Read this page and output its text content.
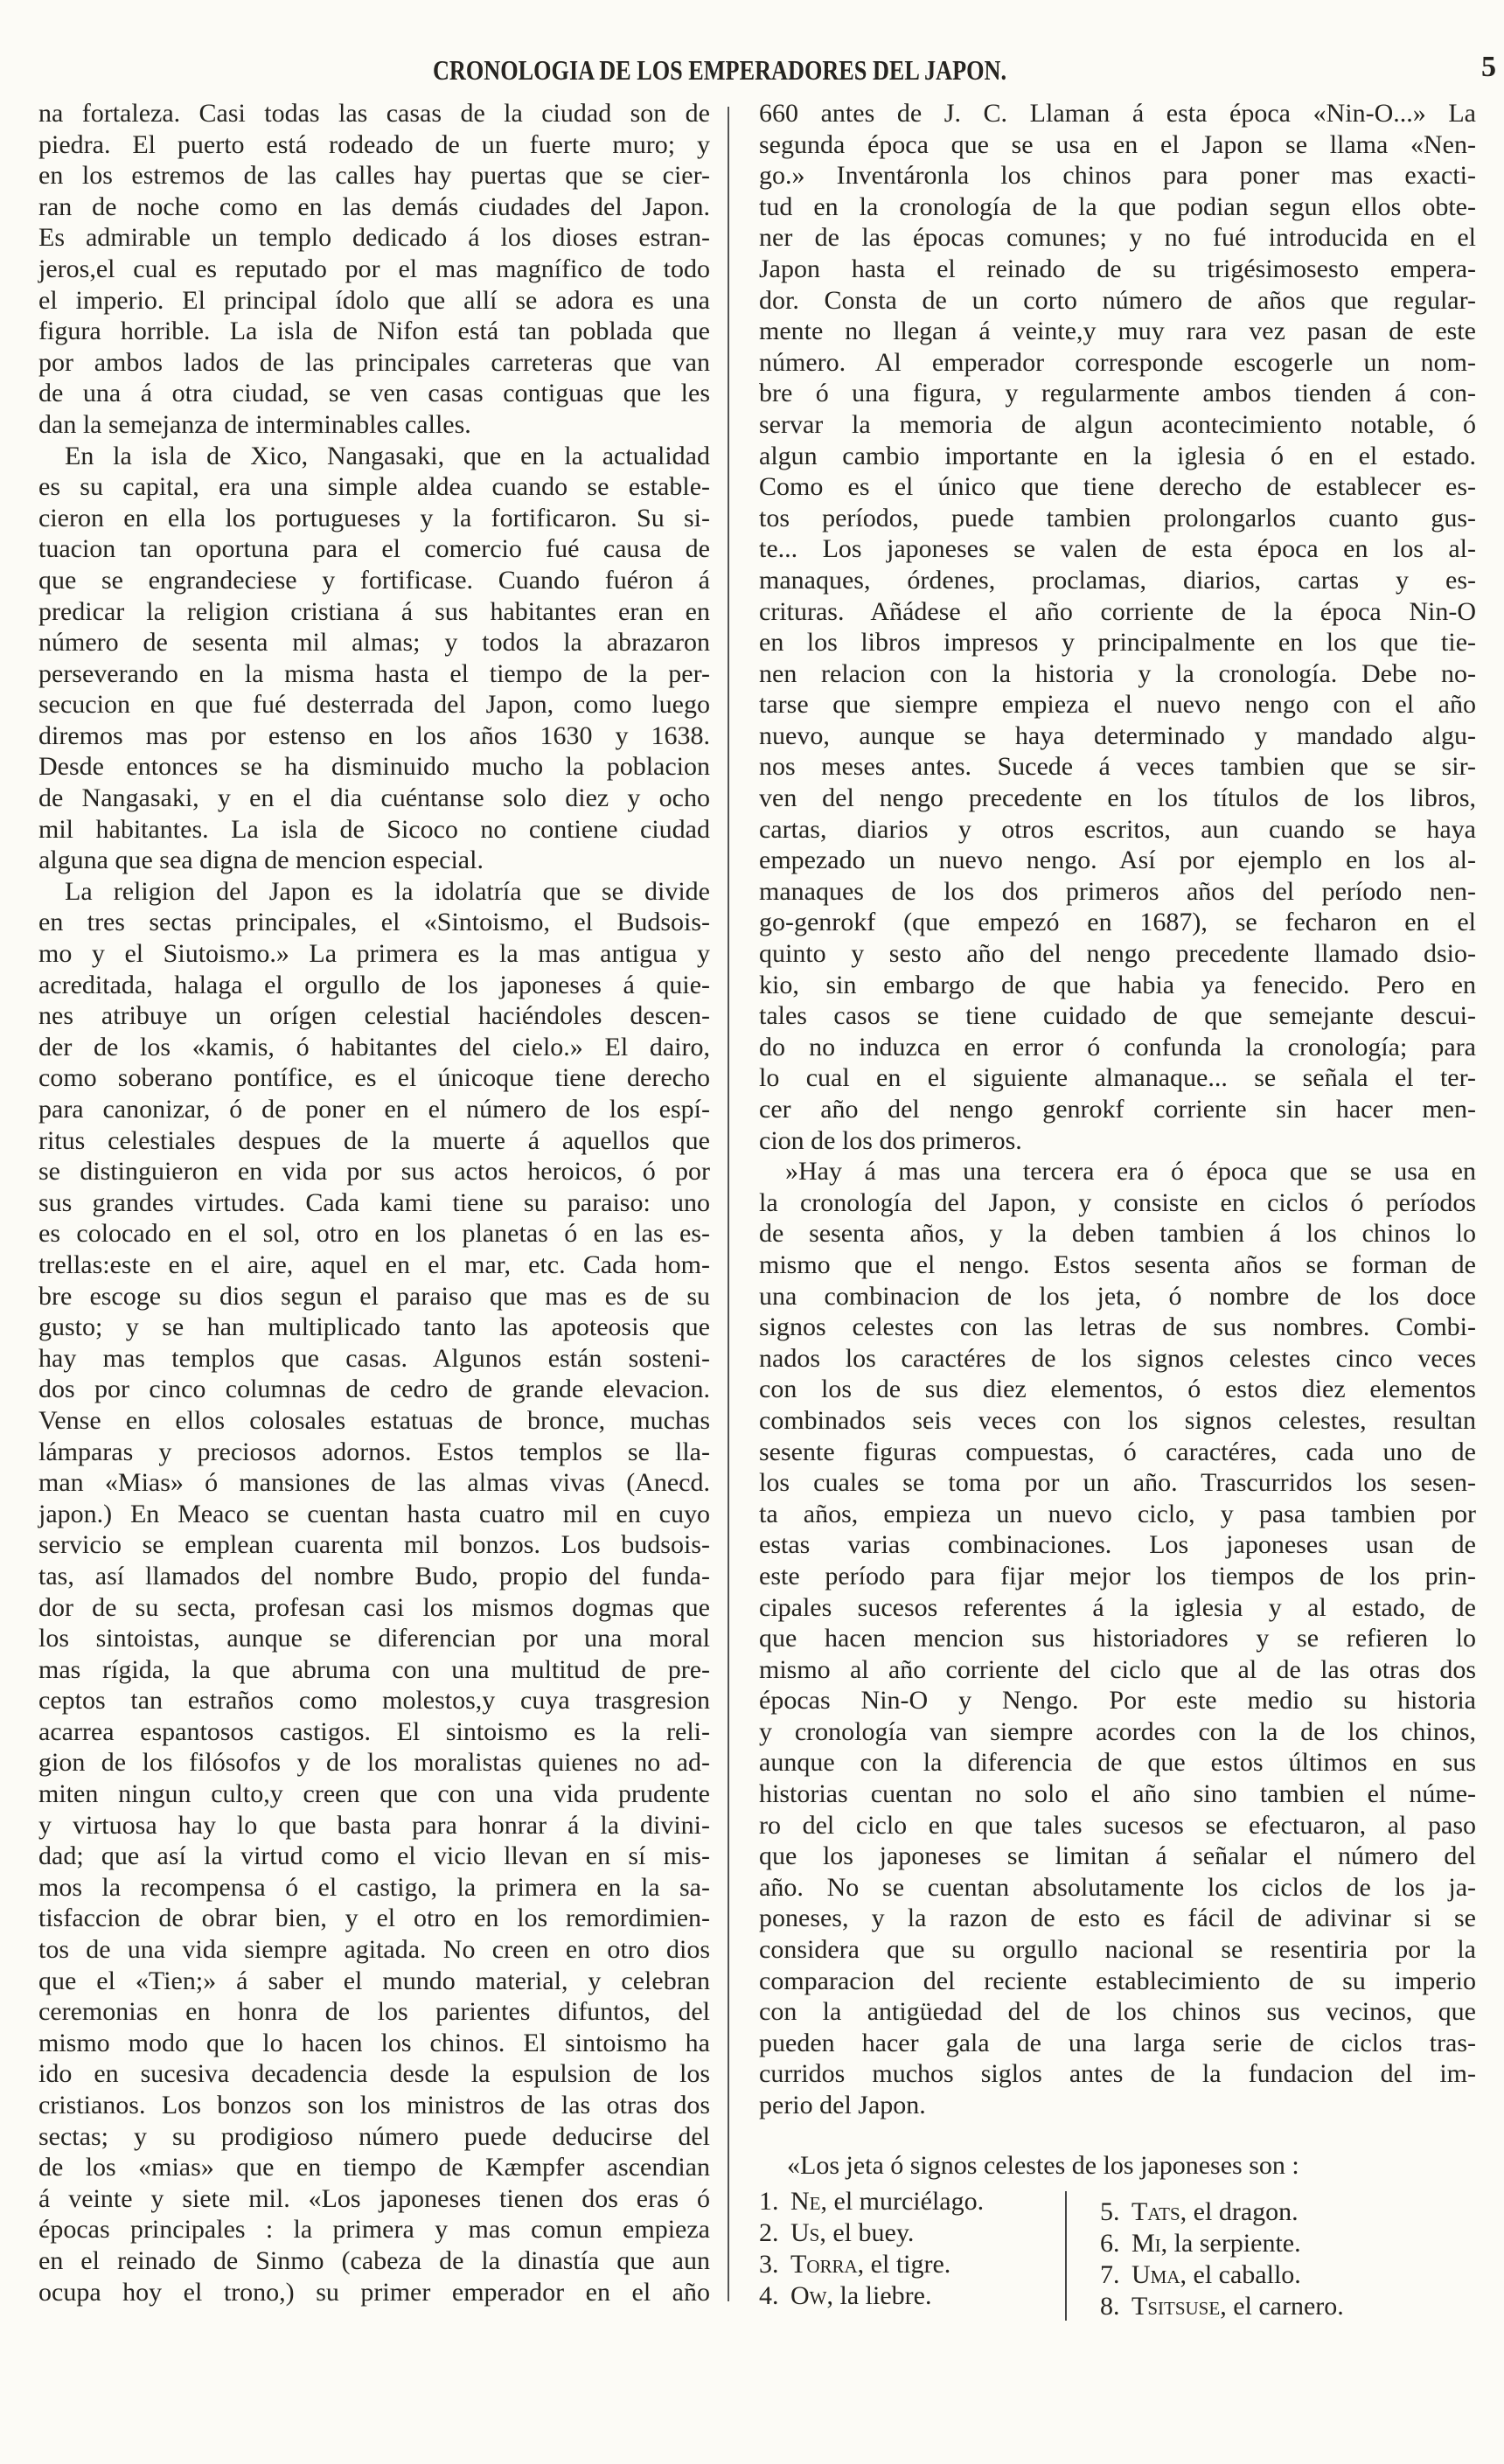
CRONOLOGIA DE LOS EMPERADORES DEL JAPON.	5
na fortaleza. Casi todas las casas de la ciudad son de
piedra. El puerto está rodeado de un fuerte muro; y
en los estremos de las calles hay puertas que se cier-
ran de noche como en las demás ciudades del Japon.
Es admirable un templo dedicado á los dioses estran-
jeros,el cual es reputado por el mas magnífico de todo
el imperio. El principal ídolo que allí se adora es una
figura horrible. La isla de Nifon está tan poblada que
por ambos lados de las principales carreteras que van
de una á otra ciudad, se ven casas contiguas que les
dan la semejanza de interminables calles.
En la isla de Xico, Nangasaki, que en la actualidad
es su capital, era una simple aldea cuando se estable-
cieron en ella los portugueses y la fortificaron. Su si-
tuacion tan oportuna para el comercio fué causa de
que se engrandeciese y fortificase. Cuando fuéron á
predicar la religion cristiana á sus habitantes eran en
número de sesenta mil almas; y todos la abrazaron
perseverando en la misma hasta el tiempo de la per-
secucion en que fué desterrada del Japon, como luego
diremos mas por estenso en los años 1630 y 1638.
Desde entonces se ha disminuido mucho la poblacion
de Nangasaki, y en el dia cuéntanse solo diez y ocho
mil habitantes. La isla de Sicoco no contiene ciudad
alguna que sea digna de mencion especial.
La religion del Japon es la idolatría que se divide
en tres sectas principales, el «Sintoismo, el Budsois-
mo y el Siutoismo.» La primera es la mas antigua y
acreditada, halaga el orgullo de los japoneses á quie-
nes atribuye un orígen celestial haciéndoles descen-
der de los «kamis, ó habitantes del cielo.» El dairo,
como soberano pontífice, es el únicoque tiene derecho
para canonizar, ó de poner en el número de los espí-
ritus celestiales despues de la muerte á aquellos que
se distinguieron en vida por sus actos heroicos, ó por
sus grandes virtudes. Cada kami tiene su paraiso: uno
es colocado en el sol, otro en los planetas ó en las es-
trellas:este en el aire, aquel en el mar, etc. Cada hom-
bre escoge su dios segun el paraiso que mas es de su
gusto; y se han multiplicado tanto las apoteosis que
hay mas templos que casas. Algunos están sosteni-
dos por cinco columnas de cedro de grande elevacion.
Vense en ellos colosales estatuas de bronce, muchas
lámparas y preciosos adornos. Estos templos se lla-
man «Mias» ó mansiones de las almas vivas (Anecd.
japon.) En Meaco se cuentan hasta cuatro mil en cuyo
servicio se emplean cuarenta mil bonzos. Los budsois-
tas, así llamados del nombre Budo, propio del funda-
dor de su secta, profesan casi los mismos dogmas que
los sintoistas, aunque se diferencian por una moral
mas rígida, la que abruma con una multitud de pre-
ceptos tan estraños como molestos,y cuya trasgresion
acarrea espantosos castigos. El sintoismo es la reli-
gion de los filósofos y de los moralistas quienes no ad-
miten ningun culto,y creen que con una vida prudente
y virtuosa hay lo que basta para honrar á la divini-
dad; que así la virtud como el vicio llevan en sí mis-
mos la recompensa ó el castigo, la primera en la sa-
tisfaccion de obrar bien, y el otro en los remordimien-
tos de una vida siempre agitada. No creen en otro dios
que el «Tien;» á saber el mundo material, y celebran
ceremonias en honra de los parientes difuntos, del
mismo modo que lo hacen los chinos. El sintoismo ha
ido en sucesiva decadencia desde la espulsion de los
cristianos. Los bonzos son los ministros de las otras dos
sectas; y su prodigioso número puede deducirse del
de los «mias» que en tiempo de Kæmpfer ascendian
á veinte y siete mil. «Los japoneses tienen dos eras ó
épocas principales : la primera y mas comun empieza
en el reinado de Sinmo (cabeza de la dinastía que aun
ocupa hoy el trono,) su primer emperador en el año
660 antes de J. C. Llaman á esta época «Nin-O...» La
segunda época que se usa en el Japon se llama «Nen-
go.» Inventáronla los chinos para poner mas exacti-
tud en la cronología de la que podian segun ellos obte-
ner de las épocas comunes; y no fué introducida en el
Japon hasta el reinado de su trigésimosesto empera-
dor. Consta de un corto número de años que regular-
mente no llegan á veinte,y muy rara vez pasan de este
número. Al emperador corresponde escogerle un nom-
bre ó una figura, y regularmente ambos tienden á con-
servar la memoria de algun acontecimiento notable, ó
algun cambio importante en la iglesia ó en el estado.
Como es el único que tiene derecho de establecer es-
tos períodos, puede tambien prolongarlos cuanto gus-
te... Los japoneses se valen de esta época en los al-
manaques, órdenes, proclamas, diarios, cartas y es-
crituras. Añádese el año corriente de la época Nin-O
en los libros impresos y principalmente en los que tie-
nen relacion con la historia y la cronología. Debe no-
tarse que siempre empieza el nuevo nengo con el año
nuevo, aunque se haya determinado y mandado algu-
nos meses antes. Sucede á veces tambien que se sir-
ven del nengo precedente en los títulos de los libros,
cartas, diarios y otros escritos, aun cuando se haya
empezado un nuevo nengo. Así por ejemplo en los al-
manaques de los dos primeros años del período nen-
go-genrokf (que empezó en 1687), se fecharon en el
quinto y sesto año del nengo precedente llamado dsio-
kio, sin embargo de que habia ya fenecido. Pero en
tales casos se tiene cuidado de que semejante descui-
do no induzca en error ó confunda la cronología; para
lo cual en el siguiente almanaque... se señala el ter-
cer año del nengo genrokf corriente sin hacer men-
cion de los dos primeros.
»Hay á mas una tercera era ó época que se usa en
la cronología del Japon, y consiste en ciclos ó períodos
de sesenta años, y la deben tambien á los chinos lo
mismo que el nengo. Estos sesenta años se forman de
una combinacion de los jeta, ó nombre de los doce
signos celestes con las letras de sus nombres. Combi-
nados los caractéres de los signos celestes cinco veces
con los de sus diez elementos, ó estos diez elementos
combinados seis veces con los signos celestes, resultan
sesente figuras compuestas, ó caractéres, cada uno de
los cuales se toma por un año. Trascurridos los sesen-
ta años, empieza un nuevo ciclo, y pasa tambien por
estas varias combinaciones. Los japoneses usan de
este período para fijar mejor los tiempos de los prin-
cipales sucesos referentes á la iglesia y al estado, de
que hacen mencion sus historiadores y se refieren lo
mismo al año corriente del ciclo que al de las otras dos
épocas Nin-O y Nengo. Por este medio su historia
y cronología van siempre acordes con la de los chinos,
aunque con la diferencia de que estos últimos en sus
historias cuentan no solo el año sino tambien el núme-
ro del ciclo en que tales sucesos se efectuaron, al paso
que los japoneses se limitan á señalar el número del
año. No se cuentan absolutamente los ciclos de los ja-
poneses, y la razon de esto es fácil de adivinar si se
considera que su orgullo nacional se resentiria por la
comparacion del reciente establecimiento de su imperio
con la antigüedad del de los chinos sus vecinos, que
pueden hacer gala de una larga serie de ciclos tras-
curridos muchos siglos antes de la fundacion del im-
perio del Japon.
«Los jeta ó signos celestes de los japoneses son :
1. Ne, el murciélago.
2. Us, el buey.
3. Torra, el tigre.
4. Ow, la liebre.
5. Tats, el dragon.
6. Mi, la serpiente.
7. Uma, el caballo.
8. Tsitsuse, el carnero.
